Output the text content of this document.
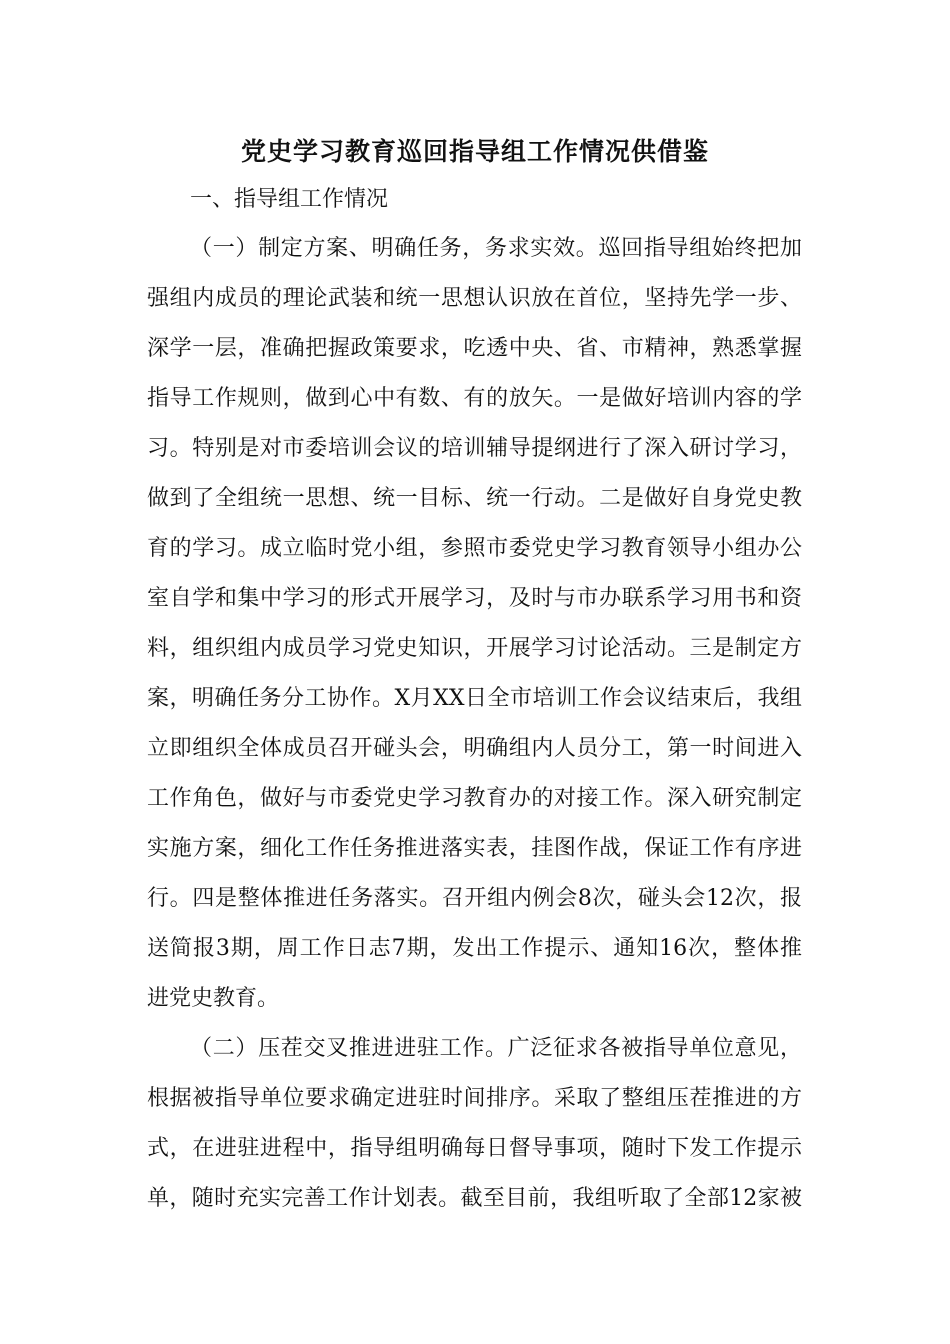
党史学习教育巡回指导组工作情况供借鉴
一、指导组工作情况
（一）制定方案、明确任务，务求实效。巡回指导组始终把加
强组内成员的理论武装和统一思想认识放在首位，坚持先学一步、
深学一层，准确把握政策要求，吃透中央、省、市精神，熟悉掌握
指导工作规则，做到心中有数、有的放矢。一是做好培训内容的学
习。特别是对市委培训会议的培训辅导提纲进行了深入研讨学习，
做到了全组统一思想、统一目标、统一行动。二是做好自身党史教
育的学习。成立临时党小组，参照市委党史学习教育领导小组办公
室自学和集中学习的形式开展学习，及时与市办联系学习用书和资
料，组织组内成员学习党史知识，开展学习讨论活动。三是制定方
案，明确任务分工协作。X月XX日全市培训工作会议结束后，我组
立即组织全体成员召开碰头会，明确组内人员分工，第一时间进入
工作角色，做好与市委党史学习教育办的对接工作。深入研究制定
实施方案，细化工作任务推进落实表，挂图作战，保证工作有序进
行。四是整体推进任务落实。召开组内例会8次，碰头会12次，报
送简报3期，周工作日志7期，发出工作提示、通知16次，整体推
进党史教育。
（二）压茬交叉推进进驻工作。广泛征求各被指导单位意见，
根据被指导单位要求确定进驻时间排序。采取了整组压茬推进的方
式，在进驻进程中，指导组明确每日督导事项，随时下发工作提示
单，随时充实完善工作计划表。截至目前，我组听取了全部12家被
